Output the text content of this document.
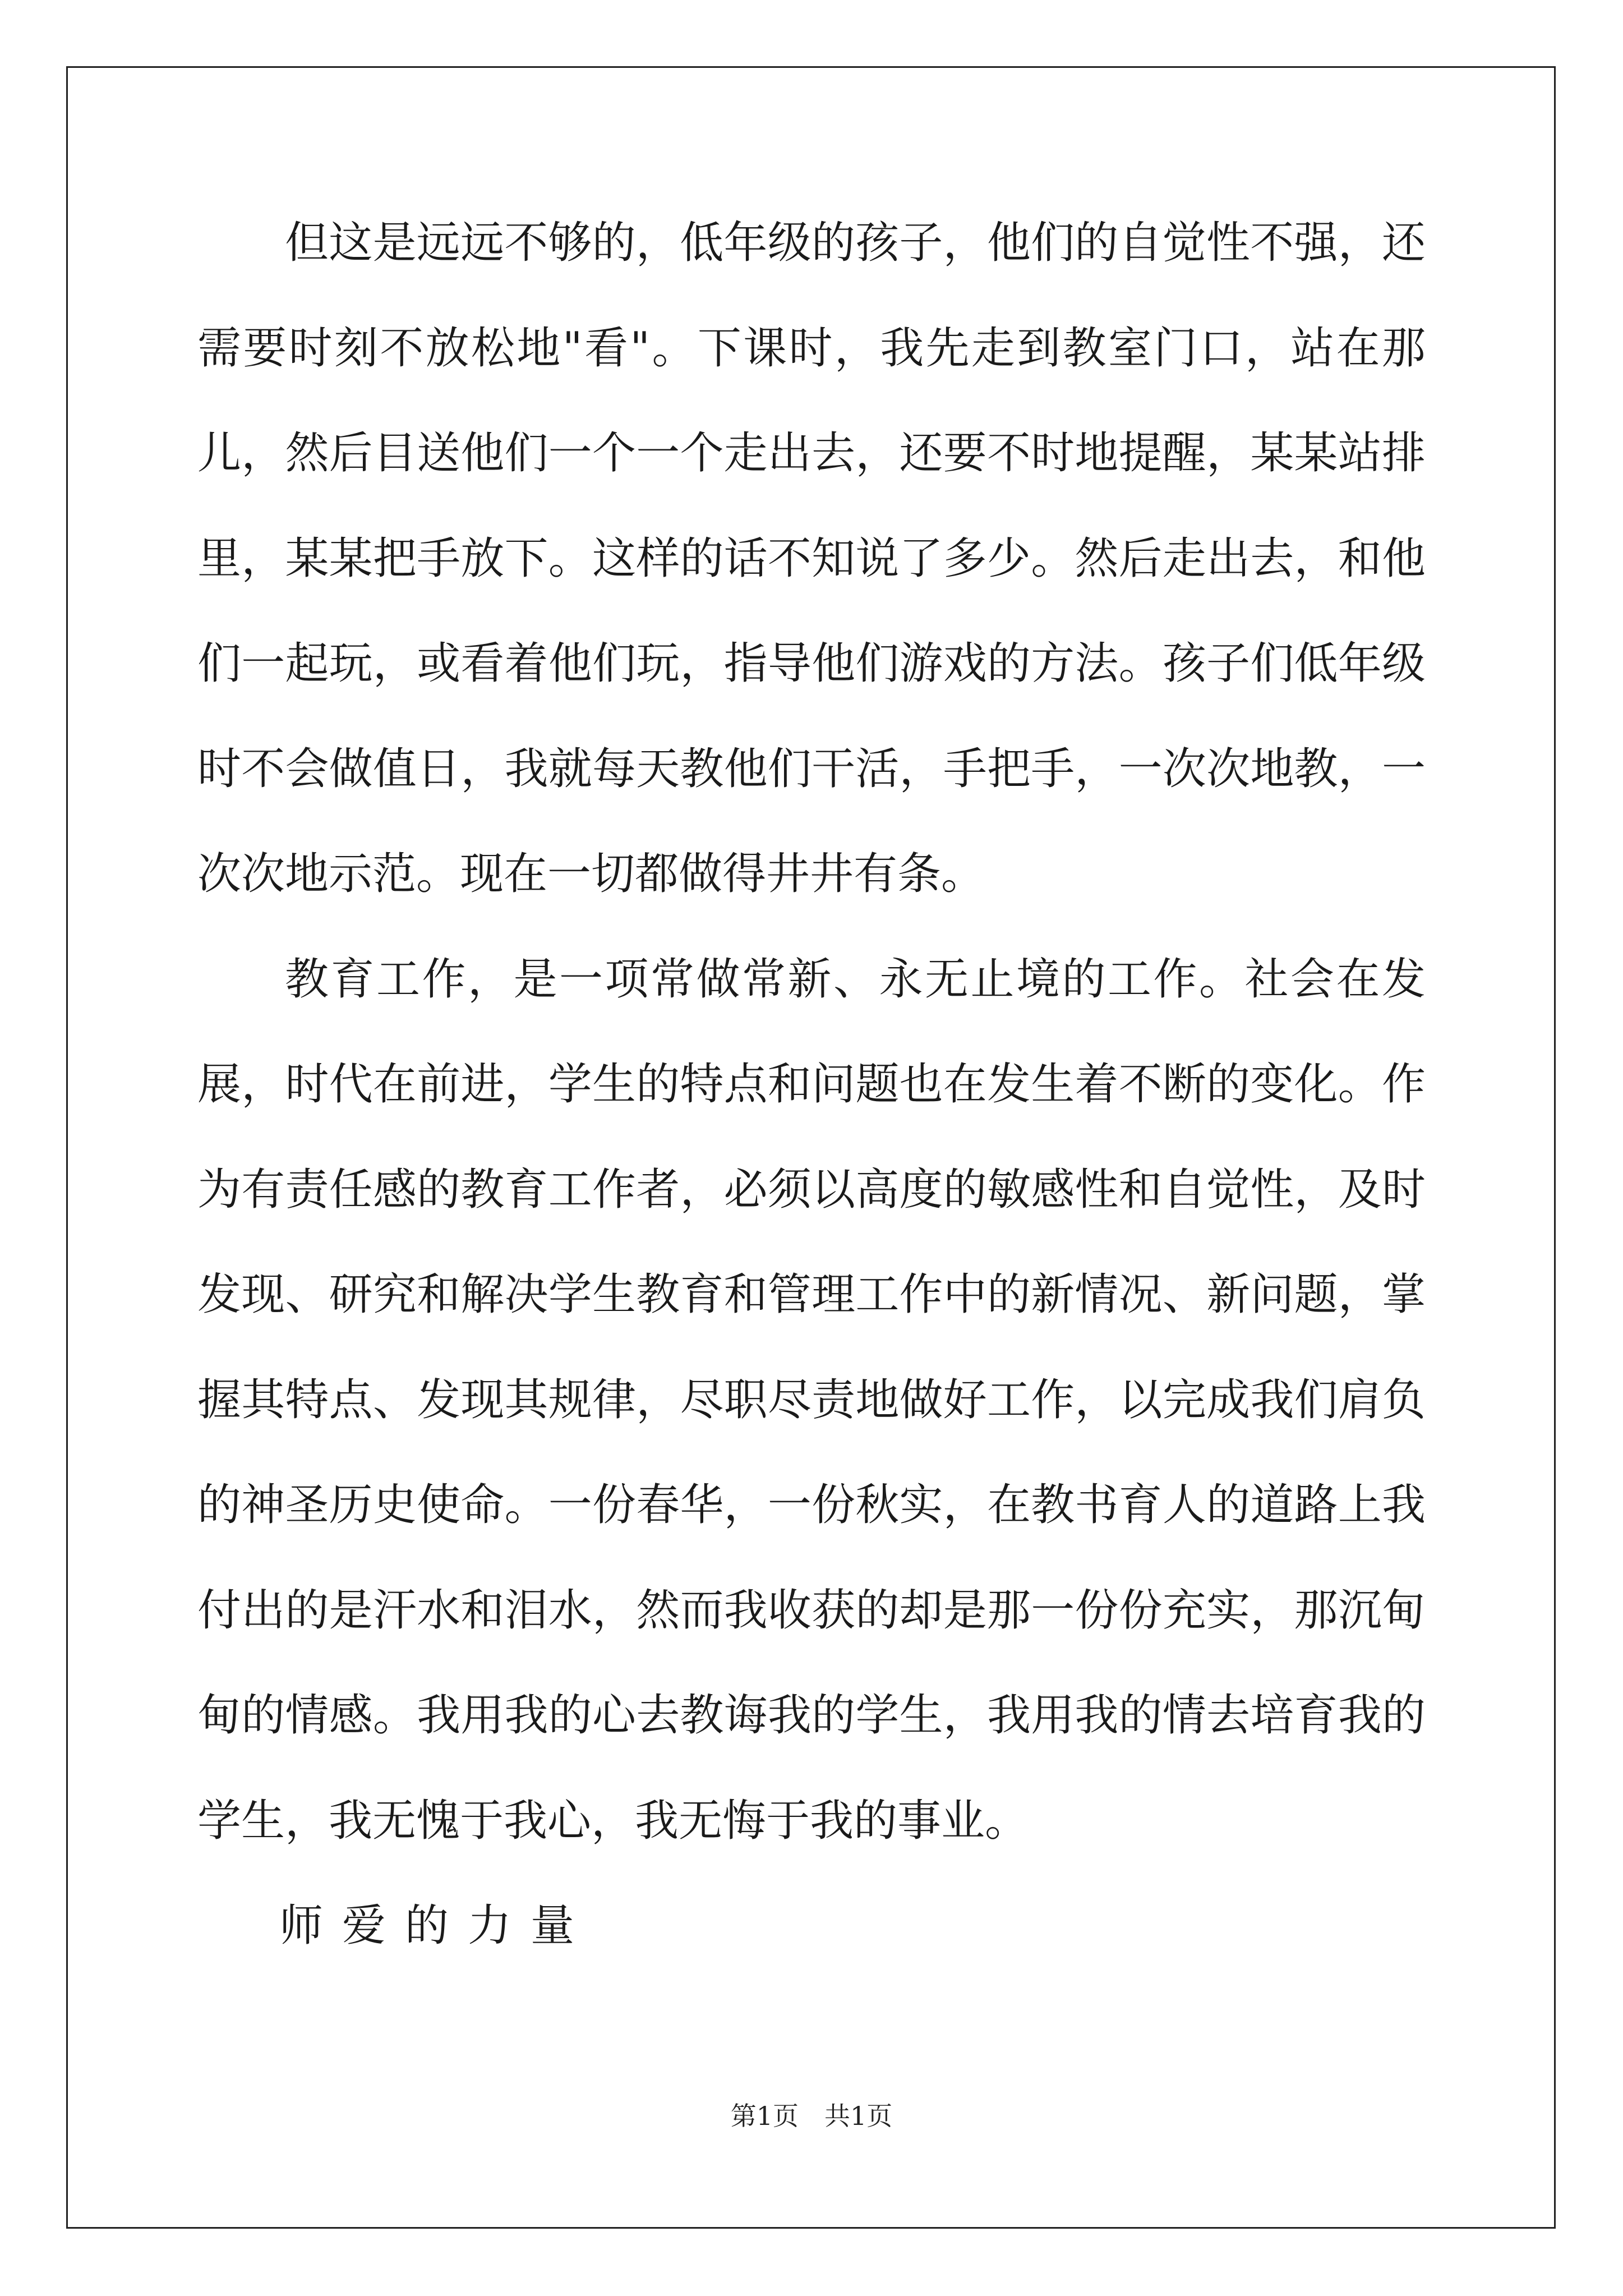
但这是远远不够的，低年级的孩子，他们的自觉性不强，还需要时刻不放松地"看"。下课时，我先走到教室门口，站在那儿，然后目送他们一个一个走出去，还要不时地提醒，某某站排里，某某把手放下。这样的话不知说了多少。然后走出去，和他们一起玩，或看着他们玩，指导他们游戏的方法。孩子们低年级时不会做值日，我就每天教他们干活，手把手，一次次地教，一次次地示范。现在一切都做得井井有条。

教育工作，是一项常做常新、永无止境的工作。社会在发展，时代在前进，学生的特点和问题也在发生着不断的变化。作为有责任感的教育工作者，必须以高度的敏感性和自觉性，及时发现、研究和解决学生教育和管理工作中的新情况、新问题，掌握其特点、发现其规律，尽职尽责地做好工作，以完成我们肩负的神圣历史使命。一份春华，一份秋实，在教书育人的道路上我付出的是汗水和泪水，然而我收获的却是那一份份充实，那沉甸甸的情感。我用我的心去教诲我的学生，我用我的情去培育我的学生，我无愧于我心，我无悔于我的事业。

师爱的力量

第1页　共1页
